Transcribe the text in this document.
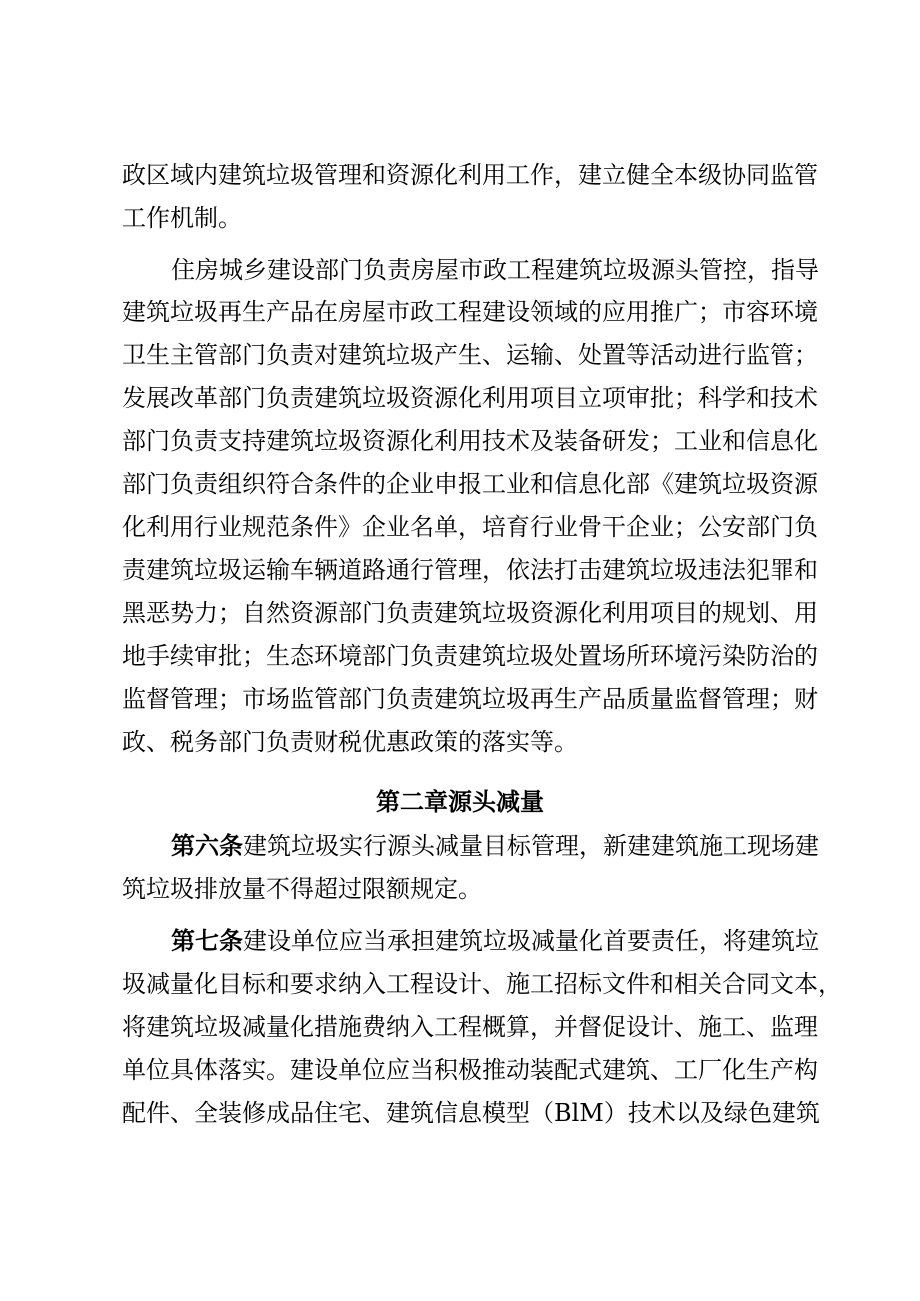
政区域内建筑垃圾管理和资源化利用工作，建立健全本级协同监管
工作机制。
住房城乡建设部门负责房屋市政工程建筑垃圾源头管控，指导
建筑垃圾再生产品在房屋市政工程建设领域的应用推广；市容环境
卫生主管部门负责对建筑垃圾产生、运输、处置等活动进行监管；
发展改革部门负责建筑垃圾资源化利用项目立项审批；科学和技术
部门负责支持建筑垃圾资源化利用技术及装备研发；工业和信息化
部门负责组织符合条件的企业申报工业和信息化部《建筑垃圾资源
化利用行业规范条件》企业名单，培育行业骨干企业；公安部门负
责建筑垃圾运输车辆道路通行管理，依法打击建筑垃圾违法犯罪和
黑恶势力；自然资源部门负责建筑垃圾资源化利用项目的规划、用
地手续审批；生态环境部门负责建筑垃圾处置场所环境污染防治的
监督管理；市场监管部门负责建筑垃圾再生产品质量监督管理；财
政、税务部门负责财税优惠政策的落实等。
第二章源头减量
第六条建筑垃圾实行源头减量目标管理，新建建筑施工现场建
筑垃圾排放量不得超过限额规定。
第七条建设单位应当承担建筑垃圾减量化首要责任，将建筑垃
圾减量化目标和要求纳入工程设计、施工招标文件和相关合同文本，
将建筑垃圾减量化措施费纳入工程概算，并督促设计、施工、监理
单位具体落实。建设单位应当积极推动装配式建筑、工厂化生产构
配件、全装修成品住宅、建筑信息模型（BlM）技术以及绿色建筑
